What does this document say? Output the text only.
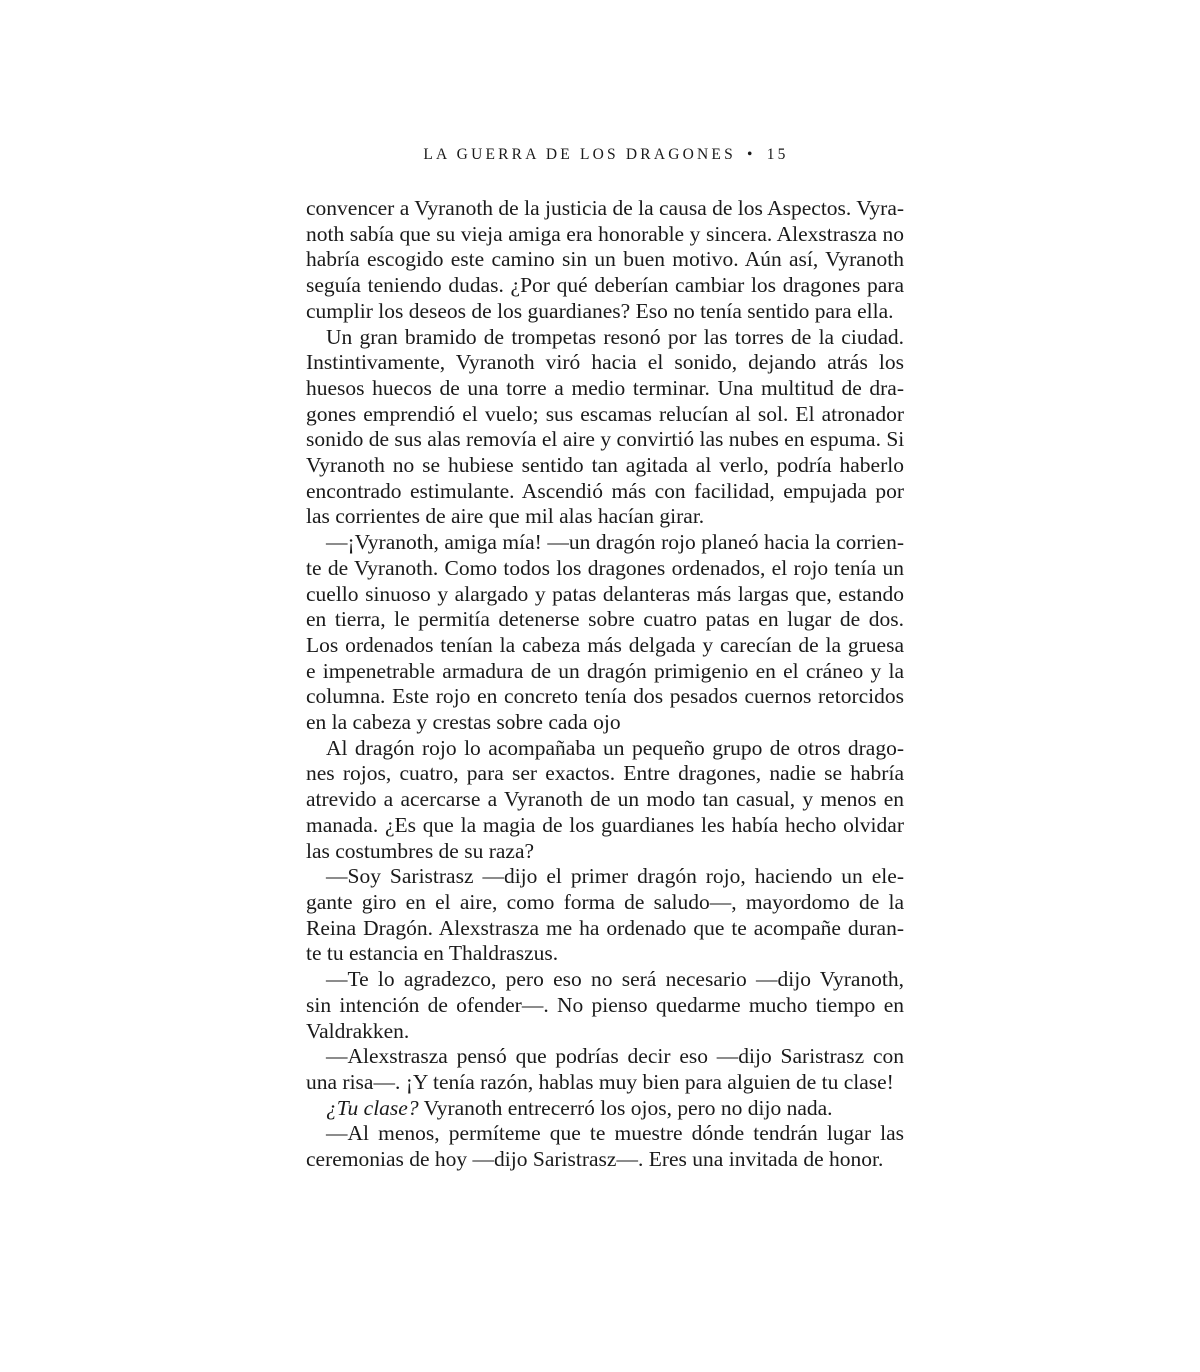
LA GUERRA DE LOS DRAGONES • 15
convencer a Vyranoth de la justicia de la causa de los Aspectos. Vyra-
noth sabía que su vieja amiga era honorable y sincera. Alexstrasza no
habría escogido este camino sin un buen motivo. Aún así, Vyranoth
seguía teniendo dudas. ¿Por qué deberían cambiar los dragones para
cumplir los deseos de los guardianes? Eso no tenía sentido para ella.
Un gran bramido de trompetas resonó por las torres de la ciudad.
Instintivamente, Vyranoth viró hacia el sonido, dejando atrás los
huesos huecos de una torre a medio terminar. Una multitud de dra-
gones emprendió el vuelo; sus escamas relucían al sol. El atronador
sonido de sus alas removía el aire y convirtió las nubes en espuma. Si
Vyranoth no se hubiese sentido tan agitada al verlo, podría haberlo
encontrado estimulante. Ascendió más con facilidad, empujada por
las corrientes de aire que mil alas hacían girar.
—¡Vyranoth, amiga mía! —un dragón rojo planeó hacia la corrien-
te de Vyranoth. Como todos los dragones ordenados, el rojo tenía un
cuello sinuoso y alargado y patas delanteras más largas que, estando
en tierra, le permitía detenerse sobre cuatro patas en lugar de dos.
Los ordenados tenían la cabeza más delgada y carecían de la gruesa
e impenetrable armadura de un dragón primigenio en el cráneo y la
columna. Este rojo en concreto tenía dos pesados cuernos retorcidos
en la cabeza y crestas sobre cada ojo
Al dragón rojo lo acompañaba un pequeño grupo de otros drago-
nes rojos, cuatro, para ser exactos. Entre dragones, nadie se habría
atrevido a acercarse a Vyranoth de un modo tan casual, y menos en
manada. ¿Es que la magia de los guardianes les había hecho olvidar
las costumbres de su raza?
—Soy Saristrasz —dijo el primer dragón rojo, haciendo un ele-
gante giro en el aire, como forma de saludo—, mayordomo de la
Reina Dragón. Alexstrasza me ha ordenado que te acompañe duran-
te tu estancia en Thaldraszus.
—Te lo agradezco, pero eso no será necesario —dijo Vyranoth,
sin intención de ofender—. No pienso quedarme mucho tiempo en
Valdrakken.
—Alexstrasza pensó que podrías decir eso —dijo Saristrasz con
una risa—. ¡Y tenía razón, hablas muy bien para alguien de tu clase!
¿Tu clase? Vyranoth entrecerró los ojos, pero no dijo nada.
—Al menos, permíteme que te muestre dónde tendrán lugar las
ceremonias de hoy —dijo Saristrasz—. Eres una invitada de honor.
